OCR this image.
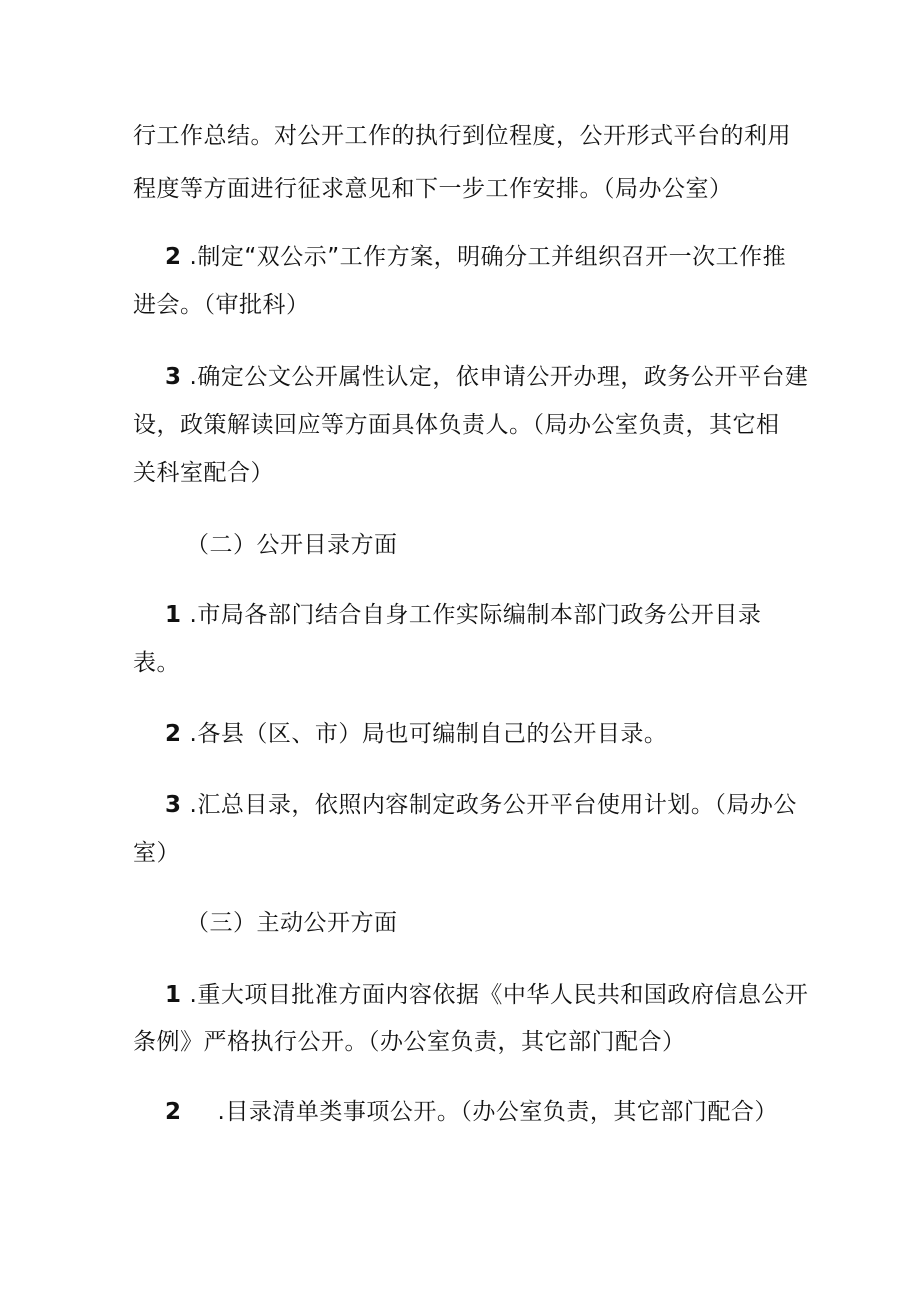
行工作总结。对公开工作的执行到位程度，公开形式平台的利用
程度等方面进行征求意见和下一步工作安排。（局办公室）
2 .制定“双公示”工作方案，明确分工并组织召开一次工作推
进会。（审批科）
3 .确定公文公开属性认定，依申请公开办理，政务公开平台建
设，政策解读回应等方面具体负责人。（局办公室负责，其它相
关科室配合）
（二）公开目录方面
1 .市局各部门结合自身工作实际编制本部门政务公开目录
表。
2 .各县（区、市）局也可编制自己的公开目录。
3 .汇总目录，依照内容制定政务公开平台使用计划。（局办公
室）
（三）主动公开方面
1 .重大项目批准方面内容依据《中华人民共和国政府信息公开
条例》严格执行公开。（办公室负责，其它部门配合）
2 .目录清单类事项公开。（办公室负责，其它部门配合）
